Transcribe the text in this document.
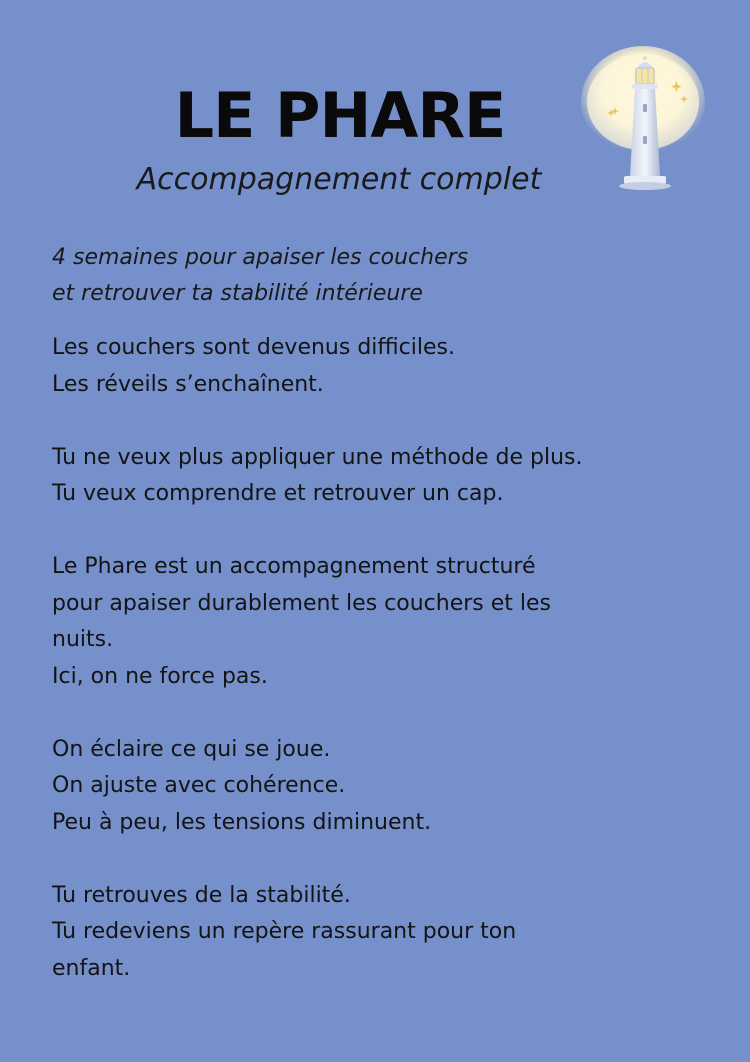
LE PHARE

Accompagnement complet

4 semaines pour apaiser les couchers
et retrouver ta stabilité intérieure

Les couchers sont devenus difficiles.
Les réveils s’enchaînent.

Tu ne veux plus appliquer une méthode de plus.
Tu veux comprendre et retrouver un cap.

Le Phare est un accompagnement structuré
pour apaiser durablement les couchers et les
nuits.
Ici, on ne force pas.

On éclaire ce qui se joue.
On ajuste avec cohérence.
Peu à peu, les tensions diminuent.

Tu retrouves de la stabilité.
Tu redeviens un repère rassurant pour ton
enfant.
